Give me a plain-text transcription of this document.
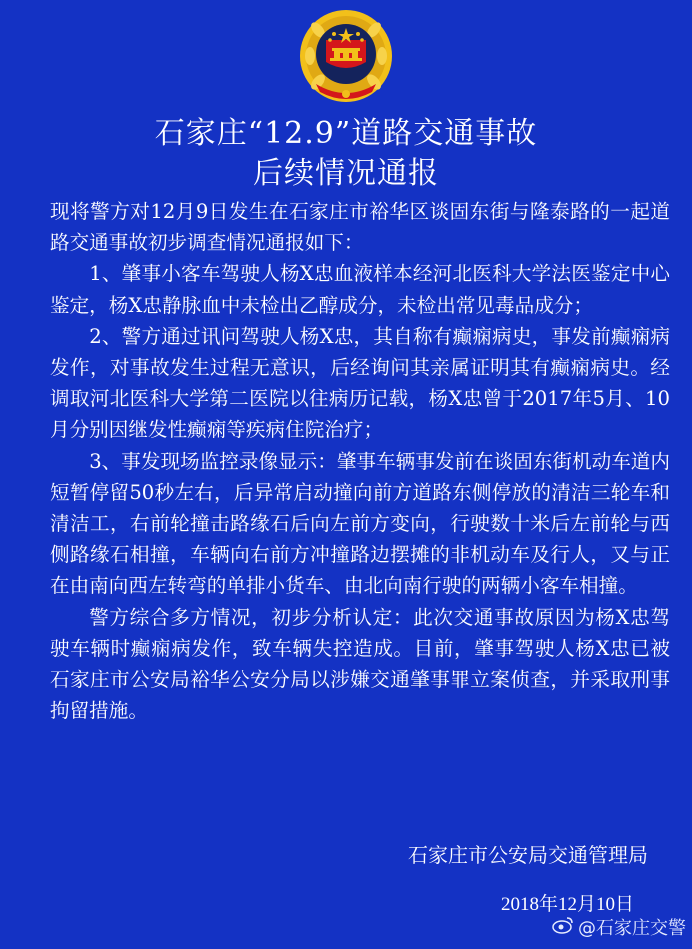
石家庄“12.9”道路交通事故
后续情况通报

现将警方对12月9日发生在石家庄市裕华区谈固东街与隆泰路的一起道路交通事故初步调查情况通报如下：

1、肇事小客车驾驶人杨X忠血液样本经河北医科大学法医鉴定中心鉴定，杨X忠静脉血中未检出乙醇成分，未检出常见毒品成分；

2、警方通过讯问驾驶人杨X忠，其自称有癫痫病史，事发前癫痫病发作，对事故发生过程无意识，后经询问其亲属证明其有癫痫病史。经调取河北医科大学第二医院以往病历记载，杨X忠曾于2017年5月、10月分别因继发性癫痫等疾病住院治疗；

3、事发现场监控录像显示：肇事车辆事发前在谈固东街机动车道内短暂停留50秒左右，后异常启动撞向前方道路东侧停放的清洁三轮车和清洁工，右前轮撞击路缘石后向左前方变向，行驶数十米后左前轮与西侧路缘石相撞，车辆向右前方冲撞路边摆摊的非机动车及行人，又与正在由南向西左转弯的单排小货车、由北向南行驶的两辆小客车相撞。

警方综合多方情况，初步分析认定：此次交通事故原因为杨X忠驾驶车辆时癫痫病发作，致车辆失控造成。目前，肇事驾驶人杨X忠已被石家庄市公安局裕华公安分局以涉嫌交通肇事罪立案侦查，并采取刑事拘留措施。

石家庄市公安局交通管理局
2018年12月10日
@石家庄交警
